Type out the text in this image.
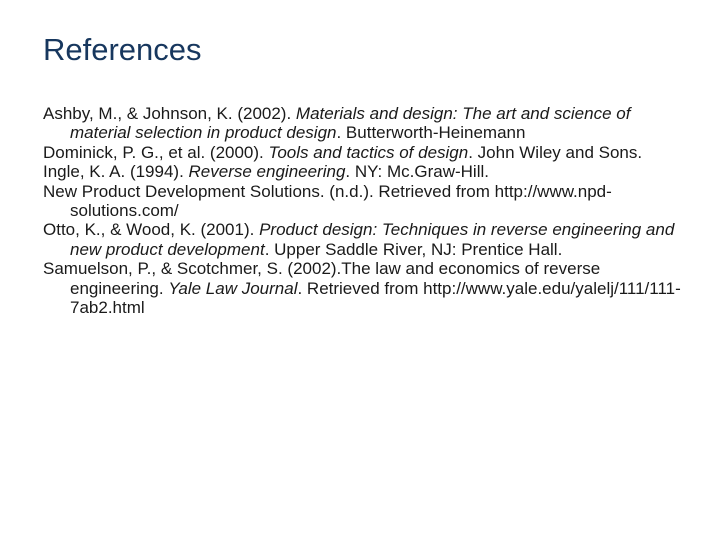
References
Ashby, M., & Johnson, K. (2002). Materials and design: The art and science of material selection in product design. Butterworth-Heinemann
Dominick, P. G., et al. (2000). Tools and tactics of design. John Wiley and Sons.
Ingle, K. A. (1994). Reverse engineering. NY: Mc.Graw-Hill.
New Product Development Solutions. (n.d.). Retrieved from http://www.npd-solutions.com/
Otto, K., & Wood, K. (2001). Product design: Techniques in reverse engineering and new product development. Upper Saddle River, NJ: Prentice Hall.
Samuelson, P., & Scotchmer, S. (2002).The law and economics of reverse engineering. Yale Law Journal. Retrieved from http://www.yale.edu/yalelj/111/111-7ab2.html
